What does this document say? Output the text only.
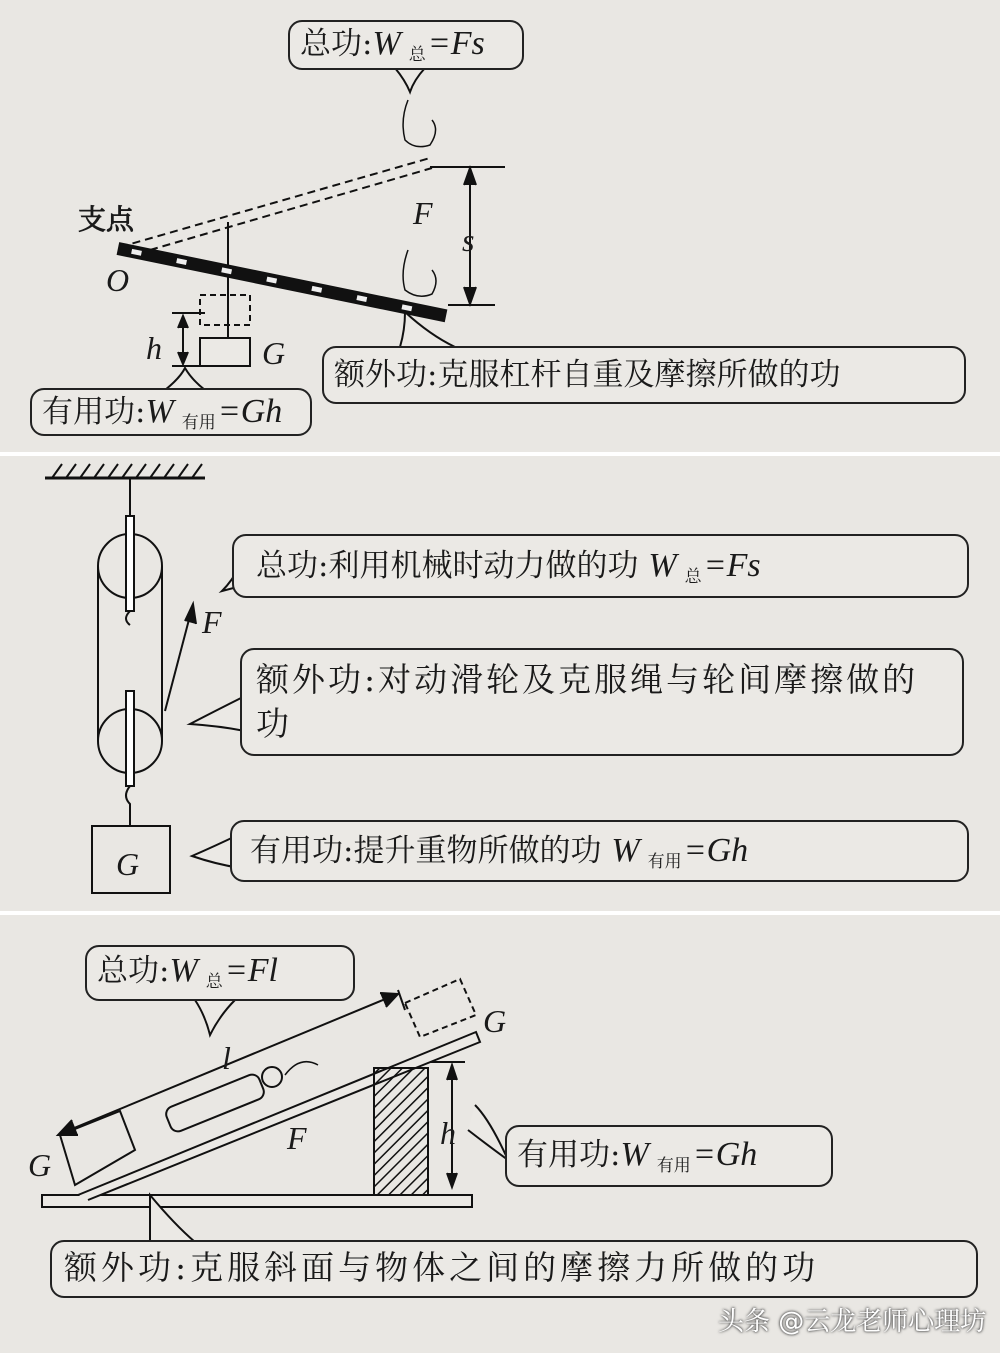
总功:W $_总$=Fs
额外功:克服杠杆自重及摩擦所做的功
有用功:W $_{有用}$=Gh
支点
O
F
s
h	G
总功:利用机械时动力做的功 W $_总$=Fs
额外功:对动滑轮及克服绳与轮间摩擦做的功
有用功:提升重物所做的功 W $_{有用}$=Gh
F
G
总功:W $_总$=Fl
有用功:W $_{有用}$=Gh
额外功:克服斜面与物体之间的摩擦力所做的功
l
F	h
G
G
头条 @云龙老师心理坊
